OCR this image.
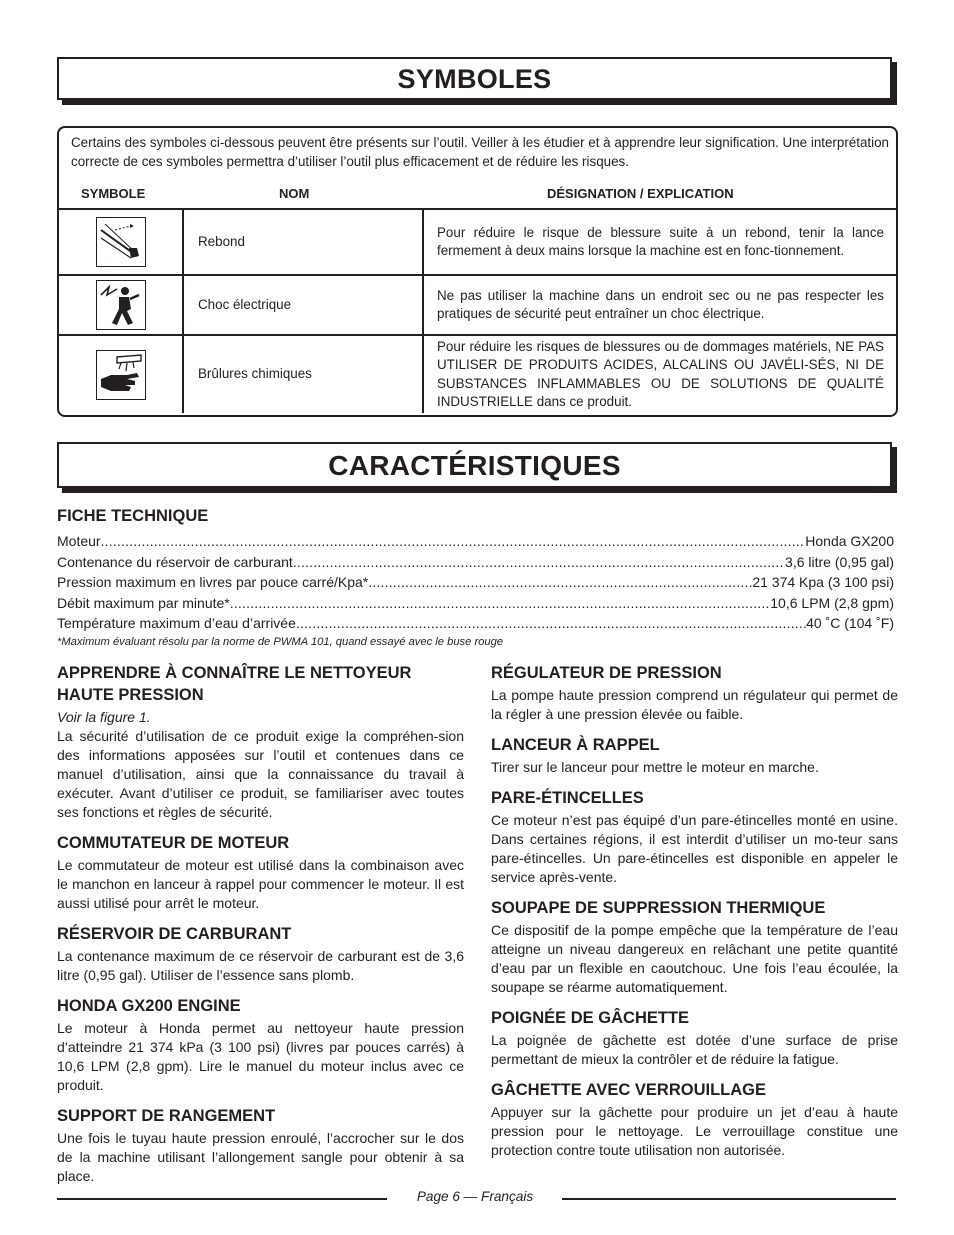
SYMBOLES
Certains des symboles ci-dessous peuvent être présents sur l’outil. Veiller à les étudier et à apprendre leur signification. Une interprétation correcte de ces symboles permettra d’utiliser l’outil plus efficacement et de réduire les risques.
SYMBOLE	NOM	DÉSIGNATION / EXPLICATION
	Rebond	Pour réduire le risque de blessure suite à un rebond, tenir la lance fermement à deux mains lorsque la machine est en fonc-tionnement.
	Choc électrique	Ne pas utiliser la machine dans un endroit sec ou ne pas respecter les pratiques de sécurité peut entraîner un choc électrique.
	Brûlures chimiques	Pour réduire les risques de blessures ou de dommages matériels, NE PAS UTILISER DE PRODUITS ACIDES, ALCALINS OU JAVÉLI-SÉS, NI DE SUBSTANCES INFLAMMABLES OU DE SOLUTIONS DE QUALITÉ INDUSTRIELLE dans ce produit.
CARACTÉRISTIQUES
FICHE TECHNIQUE
Moteur .....	Honda GX200
Contenance du réservoir de carburant .....	3,6 litre (0,95 gal)
Pression maximum en livres par pouce carré/Kpa* .....	21 374 Kpa (3 100 psi)
Débit maximum par minute* .....	10,6 LPM (2,8 gpm)
Température maximum d’eau d’arrivée .....	40 ˚C (104 ˚F)
*Maximum évaluant résolu par la norme de PWMA 101, quand essayé avec le buse rouge
APPRENDRE À CONNAÎTRE LE NETTOYEUR HAUTE PRESSION

Voir la figure 1.

La sécurité d’utilisation de ce produit exige la compréhen-sion des informations apposées sur l’outil et contenues dans ce manuel d’utilisation, ainsi que la connaissance du travail à exécuter. Avant d’utiliser ce produit, se familiariser avec toutes ses fonctions et règles de sécurité.

COMMUTATEUR DE MOTEUR

Le commutateur de moteur est utilisé dans la combinaison avec le manchon en lanceur à rappel pour commencer le moteur. Il est aussi utilisé pour arrêt le moteur.

RÉSERVOIR DE CARBURANT

La contenance maximum de ce réservoir de carburant est de 3,6 litre (0,95 gal). Utiliser de l’essence sans plomb.

HONDA GX200 ENGINE

Le moteur à Honda permet au nettoyeur haute pression d’atteindre 21 374 kPa (3 100 psi) (livres par pouces carrés) à 10,6 LPM (2,8 gpm). Lire le manuel du moteur inclus avec ce produit.

SUPPORT DE RANGEMENT

Une fois le tuyau haute pression enroulé, l’accrocher sur le dos de la machine utilisant l’allongement sangle pour obtenir à sa place.

RÉGULATEUR DE PRESSION

La pompe haute pression comprend un régulateur qui permet de la régler à une pression élevée ou faible.

LANCEUR À RAPPEL

Tirer sur le lanceur pour mettre le moteur en marche.

PARE-ÉTINCELLES

Ce moteur n’est pas équipé d’un pare-étincelles monté en usine. Dans certaines régions, il est interdit d’utiliser un mo-teur sans pare-étincelles. Un pare-étincelles est disponible en appeler le service après-vente.

SOUPAPE DE SUPPRESSION THERMIQUE

Ce dispositif de la pompe empêche que la température de l’eau atteigne un niveau dangereux en relâchant une petite quantité d’eau par un flexible en caoutchouc. Une fois l’eau écoulée, la soupape se réarme automatiquement.

POIGNÉE DE GÂCHETTE

La poignée de gâchette est dotée d’une surface de prise permettant de mieux la contrôler et de réduire la fatigue.

GÂCHETTE AVEC VERROUILLAGE

Appuyer sur la gâchette pour produire un jet d’eau à haute pression pour le nettoyage. Le verrouillage constitue une protection contre toute utilisation non autorisée.

Page 6 — Français
